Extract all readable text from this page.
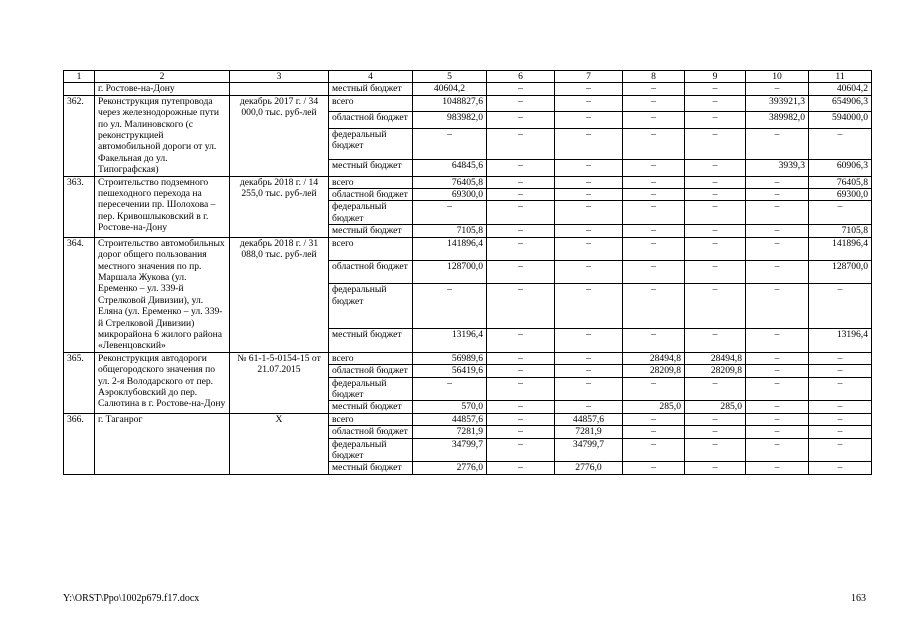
1	2	3	4	5	6	7	8	9	10	11
	г. Ростове-на-Дону		местный бюджет	40604,2	–	–	–	–	–	40604,2
362.	Реконструкция путепровода через железнодорожные пути по ул. Малиновского (с реконструкцией автомобильной дороги от ул. Факельная до ул. Типографская)	декабрь 2017 г. / 34 000,0 тыс. руб-лей	всего	1048827,6	–	–	–	–	393921,3	654906,3
			областной бюджет	983982,0	–	–	–	–	389982,0	594000,0
			федеральный бюджет	–	–	–	–	–	–	–
			местный бюджет	64845,6	–	–	–	–	3939,3	60906,3
363.	Строительство подземного пешеходного перехода на пересечении пр. Шолохова – пер. Кривошлыковский в г. Ростове-на-Дону	декабрь 2018 г. / 14 255,0 тыс. руб-лей	всего	76405,8	–	–	–	–	–	76405,8
			областной бюджет	69300,0	–	–	–	–	–	69300,0
			федеральный бюджет	–	–	–	–	–	–	–
			местный бюджет	7105,8	–	–	–	–	–	7105,8
364.	Строительство автомобильных дорог общего пользования местного значения по пр. Маршала Жукова (ул. Еременко – ул. 339-й Стрелковой Дивизии), ул. Еляна (ул. Еременко – ул. 339-й Стрелковой Дивизии) микрорайона 6 жилого района «Левенцовский»	декабрь 2018 г. / 31 088,0 тыс. руб-лей	всего	141896,4	–	–	–	–	–	141896,4
			областной бюджет	128700,0	–	–	–	–	–	128700,0
			федеральный бюджет	–	–	–	–	–	–	–
			местный бюджет	13196,4	–	–	–	–	–	13196,4
365.	Реконструкция автодороги общегородского значения по ул. 2-я Володарского от пер. Аэроклубовский до пер. Салютина в г. Ростове-на-Дону	№ 61-1-5-0154-15 от 21.07.2015	всего	56989,6	–	–	28494,8	28494,8	–	–
			областной бюджет	56419,6	–	–	28209,8	28209,8	–	–
			федеральный бюджет	–	–	–	–	–	–	–
			местный бюджет	570,0	–	–	285,0	285,0	–	–
366.	г. Таганрог	X	всего	44857,6	–	44857,6	–	–	–	–
			областной бюджет	7281,9	–	7281,9	–	–	–	–
			федеральный бюджет	34799,7	–	34799,7	–	–	–	–
			местный бюджет	2776,0	–	2776,0	–	–	–	–
Y:\ORST\Ppo\1002p679.f17.docx	163
